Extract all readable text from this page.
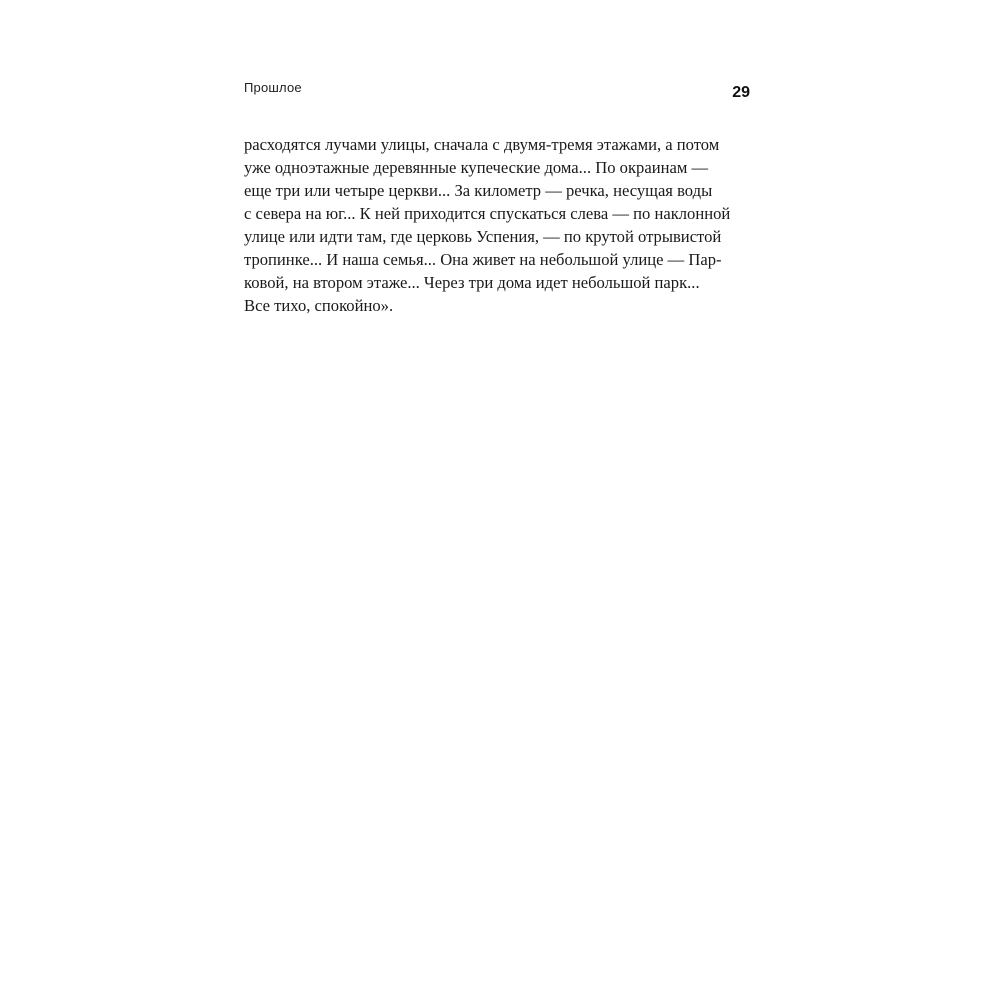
Прошлое	29
расходятся лучами улицы, сначала с двумя-тремя этажами, а потом
уже одноэтажные деревянные купеческие дома... По окраинам —
еще три или четыре церкви... За километр — речка, несущая воды
с севера на юг... К ней приходится спускаться слева — по наклонной
улице или идти там, где церковь Успения, — по крутой отрывистой
тропинке... И наша семья... Она живет на небольшой улице — Пар-
ковой, на втором этаже... Через три дома идет небольшой парк...
Все тихо, спокойно».
